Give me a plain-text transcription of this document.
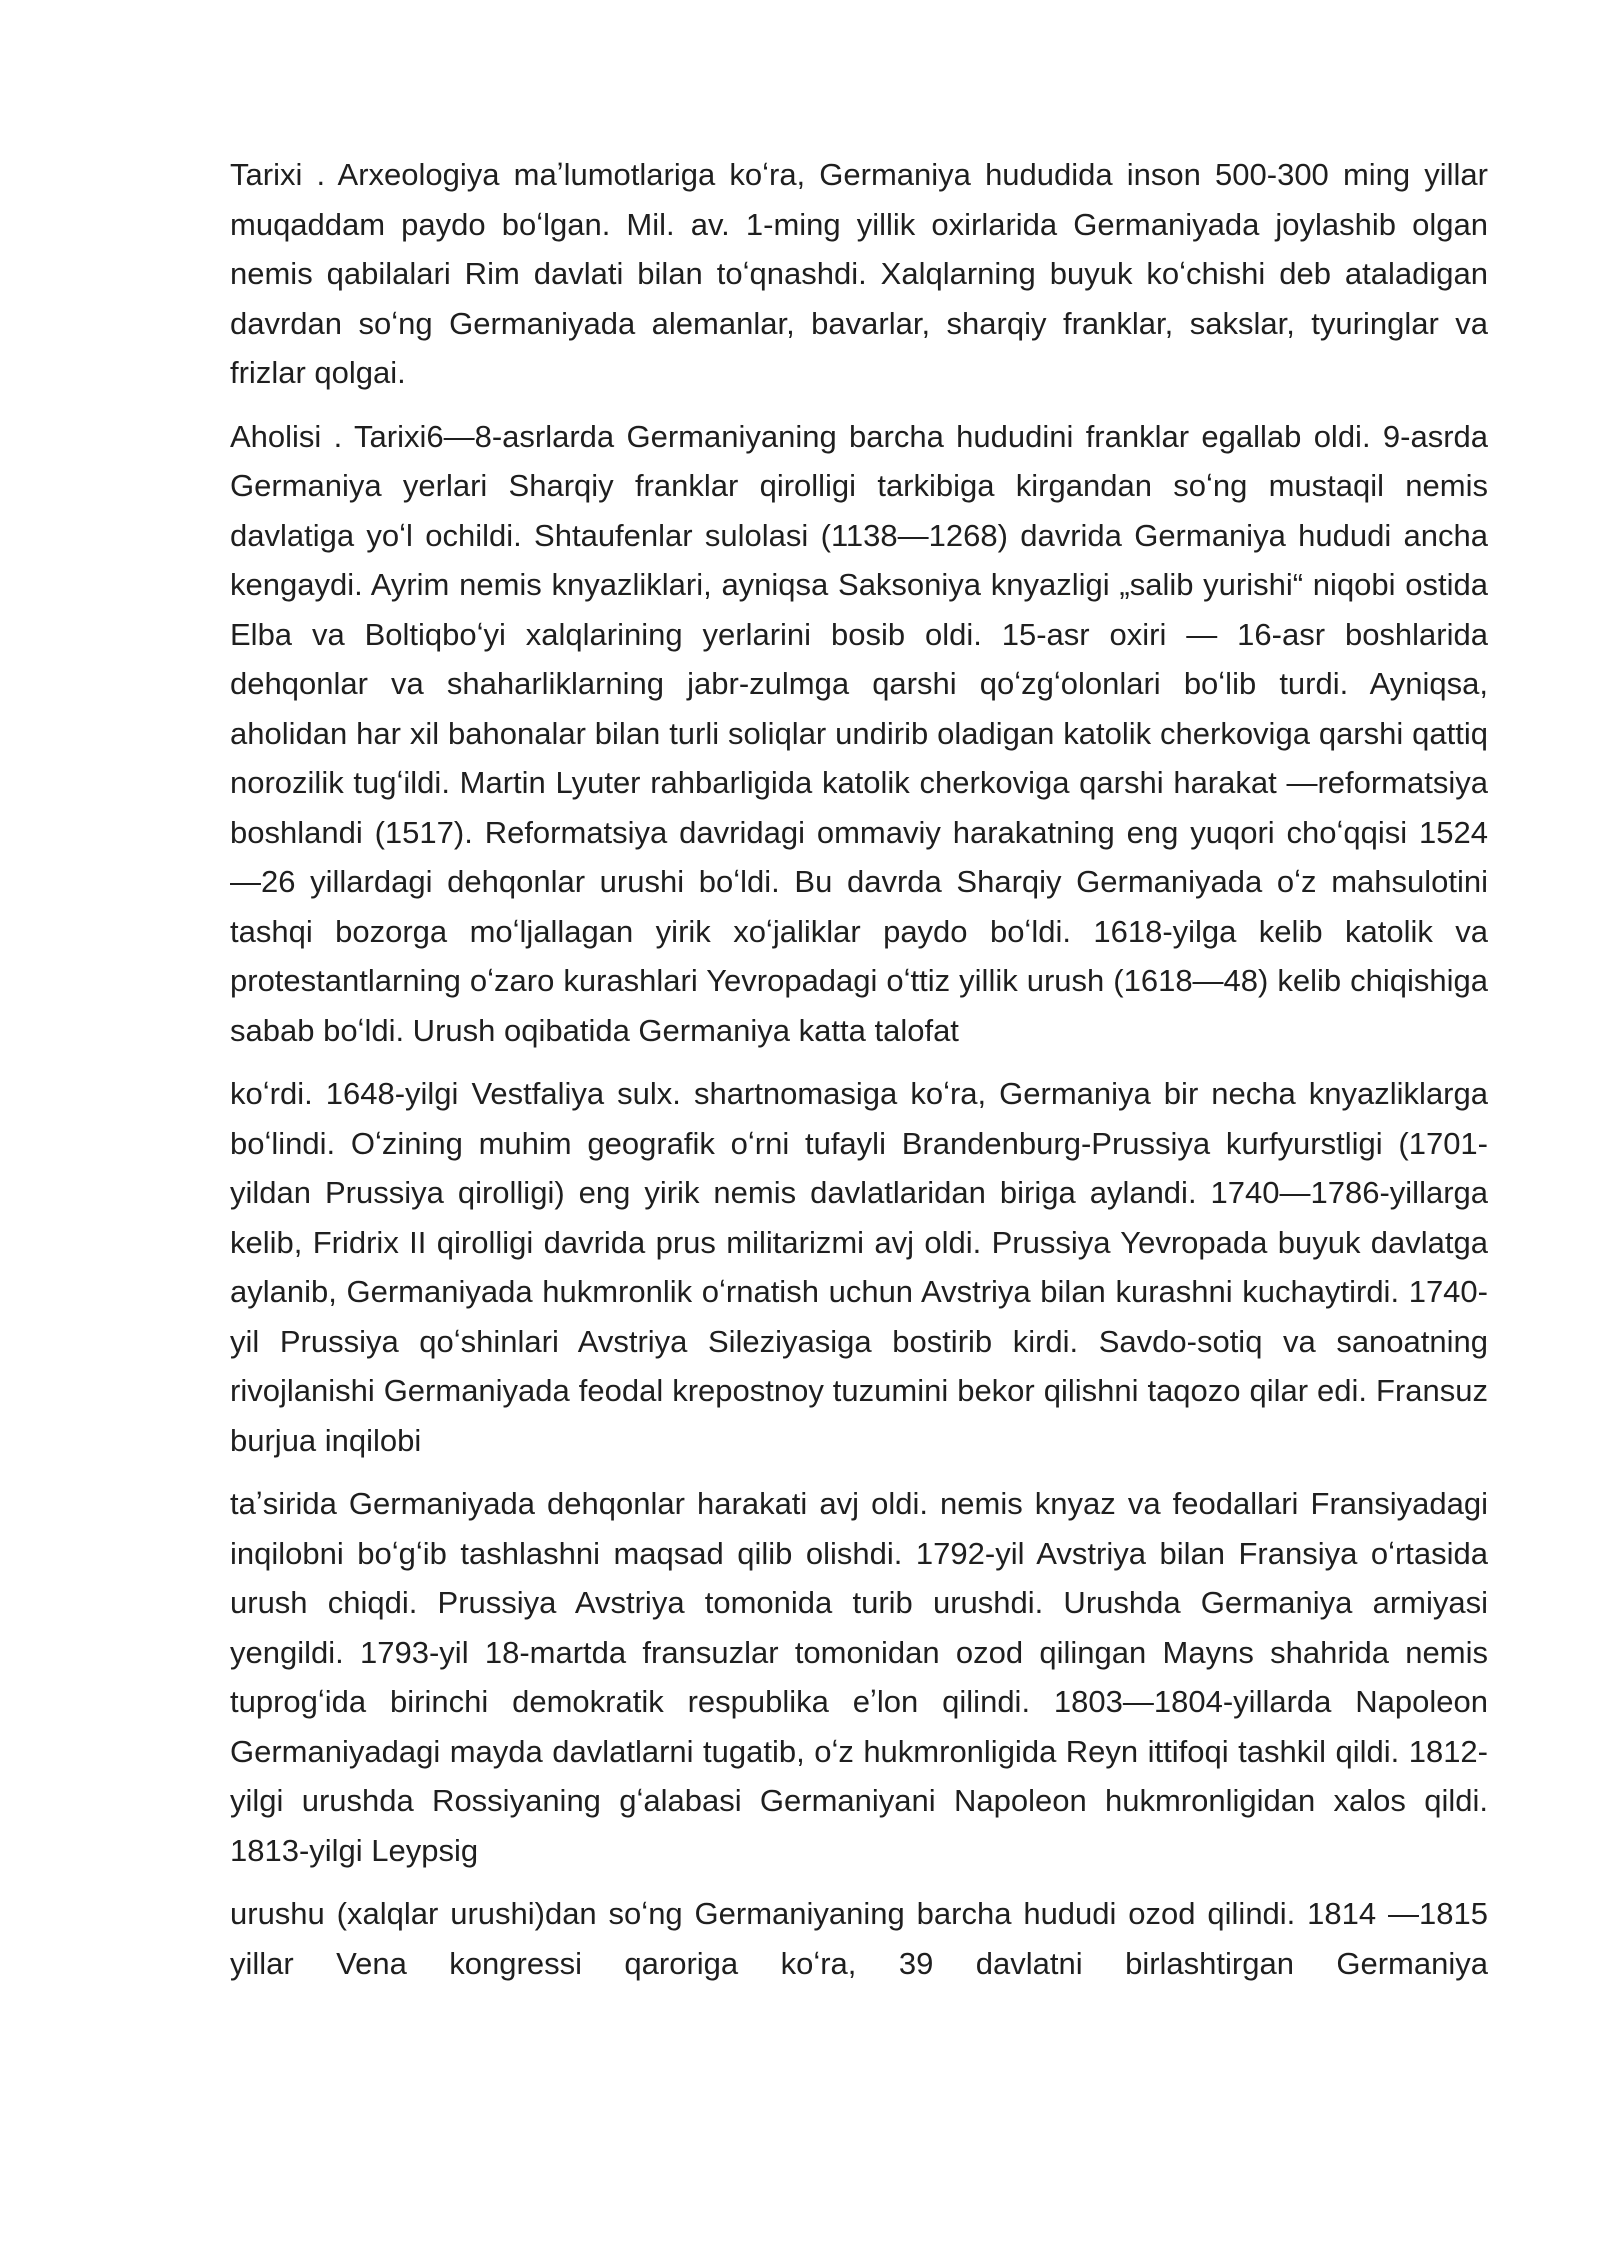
Tarixi . Arxeologiya maʼlumotlariga koʻra, Germaniya hududida inson 500-300 ming yillar muqaddam paydo boʻlgan. Mil. av. 1-ming yillik oxirlarida Germaniyada joylashib olgan nemis qabilalari Rim davlati bilan toʻqnashdi. Xalqlarning buyuk koʻchishi deb ataladigan davrdan soʻng Germaniyada alemanlar, bavarlar, sharqiy franklar, sakslar, tyuringlar va frizlar qolgai.

Aholisi . Tarixi6—8-asrlarda Germaniyaning barcha hududini franklar egallab oldi. 9-asrda Germaniya yerlari Sharqiy franklar qirolligi tarkibiga kirgandan soʻng mustaqil nemis davlatiga yoʻl ochildi. Shtaufenlar sulolasi (1138—1268) davrida Germaniya hududi ancha kengaydi. Ayrim nemis knyazliklari, ayniqsa Saksoniya knyazligi „salib yurishi“ niqobi ostida Elba va Boltiqboʻyi xalqlarining yerlarini bosib oldi. 15-asr oxiri — 16-asr boshlarida dehqonlar va shaharliklarning jabr-zulmga qarshi qoʻzgʻolonlari boʻlib turdi. Ayniqsa, aholidan har xil bahonalar bilan turli soliqlar undirib oladigan katolik cherkoviga qarshi qattiq norozilik tugʻildi. Martin Lyuter rahbarligida katolik cherkoviga qarshi harakat —reformatsiya boshlandi (1517). Reformatsiya davridagi ommaviy harakatning eng yuqori choʻqqisi 1524—26 yillardagi dehqonlar urushi boʻldi. Bu davrda Sharqiy Germaniyada oʻz mahsulotini tashqi bozorga moʻljallagan yirik xoʻjaliklar paydo boʻldi. 1618-yilga kelib katolik va protestantlarning oʻzaro kurashlari Yevropadagi oʻttiz yillik urush (1618—48) kelib chiqishiga sabab boʻldi. Urush oqibatida Germaniya katta talofat

koʻrdi. 1648-yilgi Vestfaliya sulx. shartnomasiga koʻra, Germaniya bir necha knyazliklarga boʻlindi. Oʻzining muhim geografik oʻrni tufayli Brandenburg-Prussiya kurfyurstligi (1701-yildan Prussiya qirolligi) eng yirik nemis davlatlaridan biriga aylandi. 1740—1786-yillarga kelib, Fridrix II qirolligi davrida prus militarizmi avj oldi. Prussiya Yevropada buyuk davlatga aylanib, Germaniyada hukmronlik oʻrnatish uchun Avstriya bilan kurashni kuchaytirdi. 1740-yil Prussiya qoʻshinlari Avstriya Sileziyasiga bostirib kirdi. Savdo-sotiq va sanoatning rivojlanishi Germaniyada feodal krepostnoy tuzumini bekor qilishni taqozo qilar edi. Fransuz burjua inqilobi

taʼsirida Germaniyada dehqonlar harakati avj oldi. nemis knyaz va feodallari Fransiyadagi inqilobni boʻgʻib tashlashni maqsad qilib olishdi. 1792-yil Avstriya bilan Fransiya oʻrtasida urush chiqdi. Prussiya Avstriya tomonida turib urushdi. Urushda Germaniya armiyasi yengildi. 1793-yil 18-martda fransuzlar tomonidan ozod qilingan Mayns shahrida nemis tuprogʻida birinchi demokratik respublika eʼlon qilindi. 1803—1804-yillarda Napoleon Germaniyadagi mayda davlatlarni tugatib, oʻz hukmronligida Reyn ittifoqi tashkil qildi. 1812-yilgi urushda Rossiyaning gʻalabasi Germaniyani Napoleon hukmronligidan xalos qildi. 1813-yilgi Leypsig

urushu (xalqlar urushi)dan soʻng Germaniyaning barcha hududi ozod qilindi. 1814 —1815 yillar Vena kongressi qaroriga koʻra, 39 davlatni birlashtirgan Germaniya
